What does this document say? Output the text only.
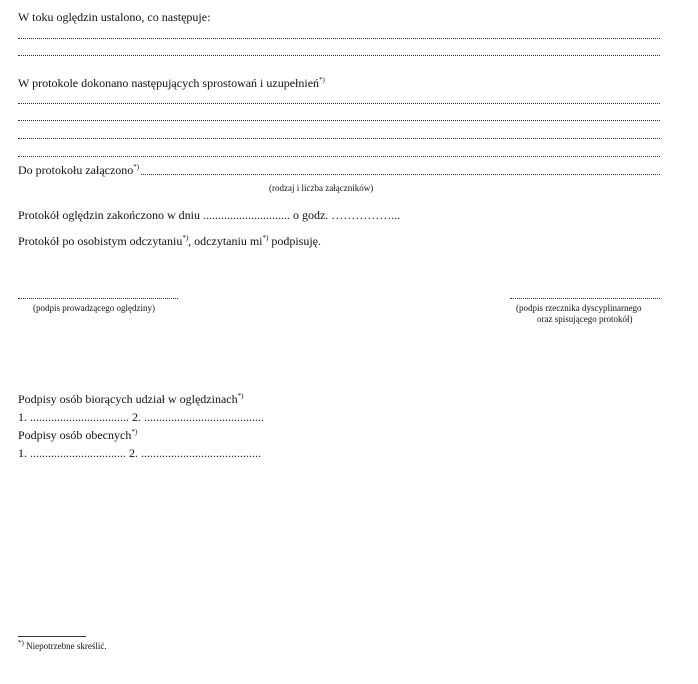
W toku oględzin ustalono, co następuje:
W protokole dokonano następujących sprostowań i uzupełnień*)
Do protokołu załączono*)
(rodzaj i liczba załączników)
Protokół oględzin zakończono w dniu ............................. o godz. ……………...
Protokół po osobistym odczytaniu*), odczytaniu mi*) podpisuję.
(podpis prowadzącego oględziny)	(podpis rzecznika dyscyplinarnego
oraz spisującego protokół)
Podpisy osób biorących udział w oględzinach*)
1. ................................. 2. ........................................
Podpisy osób obecnych*)
1. ................................ 2. ........................................
*) Niepotrzebne skreślić.
